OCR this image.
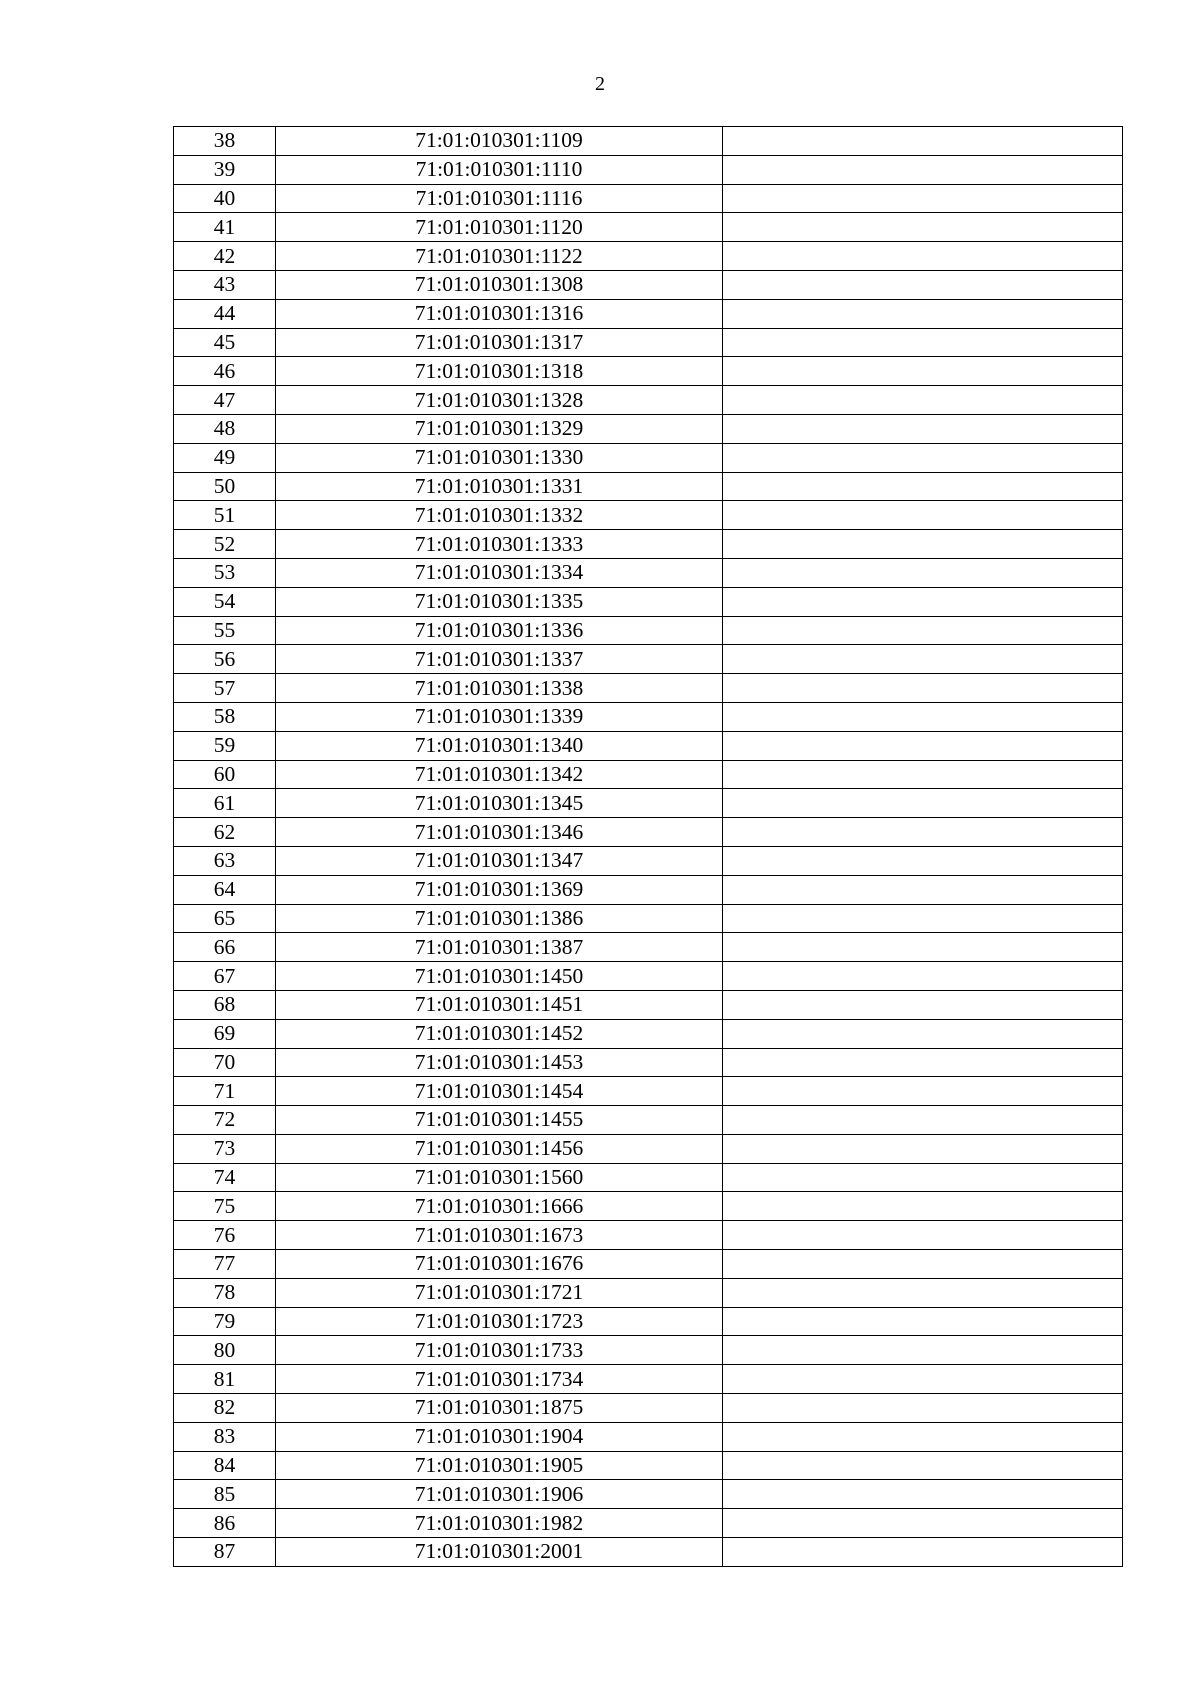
2
38	71:01:010301:1109	
39	71:01:010301:1110	
40	71:01:010301:1116	
41	71:01:010301:1120	
42	71:01:010301:1122	
43	71:01:010301:1308	
44	71:01:010301:1316	
45	71:01:010301:1317	
46	71:01:010301:1318	
47	71:01:010301:1328	
48	71:01:010301:1329	
49	71:01:010301:1330	
50	71:01:010301:1331	
51	71:01:010301:1332	
52	71:01:010301:1333	
53	71:01:010301:1334	
54	71:01:010301:1335	
55	71:01:010301:1336	
56	71:01:010301:1337	
57	71:01:010301:1338	
58	71:01:010301:1339	
59	71:01:010301:1340	
60	71:01:010301:1342	
61	71:01:010301:1345	
62	71:01:010301:1346	
63	71:01:010301:1347	
64	71:01:010301:1369	
65	71:01:010301:1386	
66	71:01:010301:1387	
67	71:01:010301:1450	
68	71:01:010301:1451	
69	71:01:010301:1452	
70	71:01:010301:1453	
71	71:01:010301:1454	
72	71:01:010301:1455	
73	71:01:010301:1456	
74	71:01:010301:1560	
75	71:01:010301:1666	
76	71:01:010301:1673	
77	71:01:010301:1676	
78	71:01:010301:1721	
79	71:01:010301:1723	
80	71:01:010301:1733	
81	71:01:010301:1734	
82	71:01:010301:1875	
83	71:01:010301:1904	
84	71:01:010301:1905	
85	71:01:010301:1906	
86	71:01:010301:1982	
87	71:01:010301:2001	
